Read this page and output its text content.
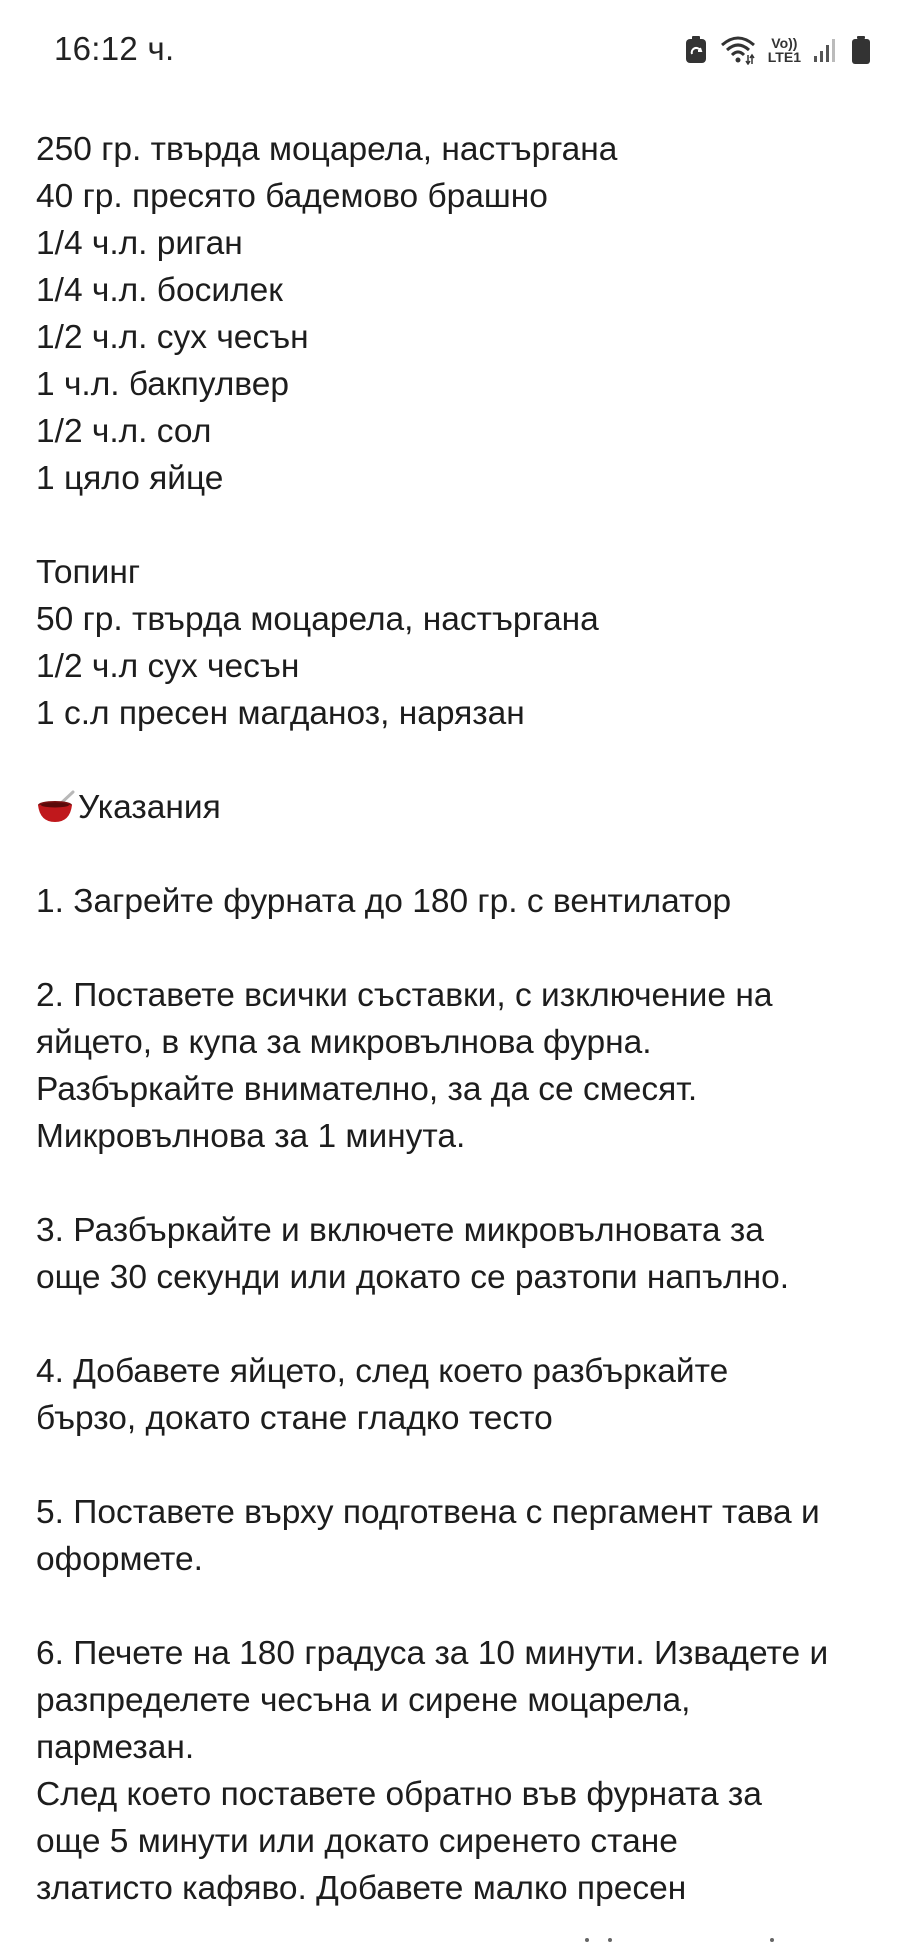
16:12 ч.	Vo))
LTE1
250 гр. твърда моцарела, настъргана
40 гр. пресято бадемово брашно
1/4 ч.л. риган
1/4 ч.л. босилек
1/2 ч.л. сух чесън
1 ч.л. бакпулвер
1/2 ч.л. сол
1 цяло яйце
Топинг
50 гр. твърда моцарела, настъргана
1/2 ч.л сух чесън
1 с.л пресен магданоз, нарязан
Указания
1. Загрейте фурната до 180 гр. с вентилатор
2. Поставете всички съставки, с изключение на
яйцето, в купа за микровълнова фурна.
Разбъркайте внимателно, за да се смесят.
Микровълнова за 1 минута.
3. Разбъркайте и включете микровълновата за
още 30 секунди или докато се разтопи напълно.
4. Добавете яйцето, след което разбъркайте
бързо, докато стане гладко тесто
5. Поставете върху подготвена с пергамент тава и
оформете.
6. Печете на 180 градуса за 10 минути. Извадете и
разпределете чесъна и сирене моцарела,
пармезан.
След което поставете обратно във фурната за
още 5 минути или докато сиренето стане
златисто кафяво. Добавете малко пресен
